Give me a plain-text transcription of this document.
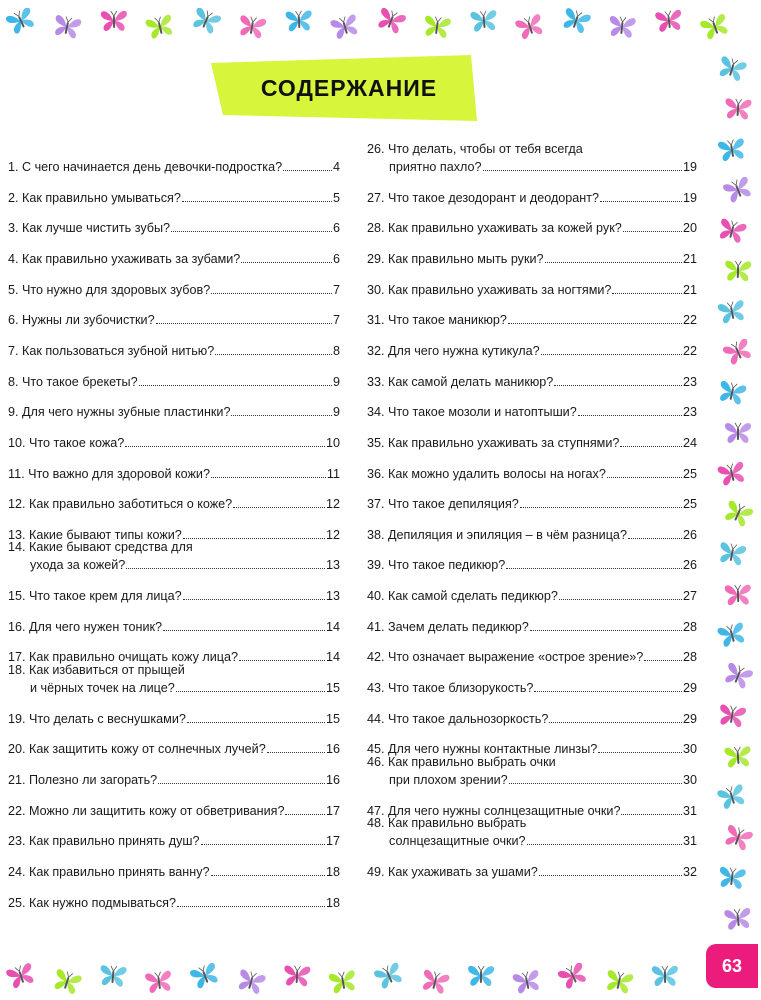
СОДЕРЖАНИЕ
1. С чего начинается день девочки-подростка?	4
2. Как правильно умываться?	5
3. Как лучше чистить зубы?	6
4. Как правильно ухаживать за зубами?	6
5. Что нужно для здоровых зубов?	7
6. Нужны ли зубочистки?	7
7. Как пользоваться зубной нитью?	8
8. Что такое брекеты?	9
9. Для чего нужны зубные пластинки?	9
10. Что такое кожа?	10
11. Что важно для здоровой кожи?	11
12. Как правильно заботиться о коже?	12
13. Какие бывают типы кожи?	12
14. Какие бывают средства для
ухода за кожей?	13
15. Что такое крем для лица?	13
16. Для чего нужен тоник?	14
17. Как правильно очищать кожу лица?	14
18. Как избавиться от прыщей
и чёрных точек на лице?	15
19. Что делать с веснушками?	15
20. Как защитить кожу от солнечных лучей?	16
21. Полезно ли загорать?	16
22. Можно ли защитить кожу от обветривания?	17
23. Как правильно принять душ?	17
24. Как правильно принять ванну?	18
25. Как нужно подмываться?	18
26. Что делать, чтобы от тебя всегда
приятно пахло?	19
27. Что такое дезодорант и деодорант?	19
28. Как правильно ухаживать за кожей рук?	20
29. Как правильно мыть руки?	21
30. Как правильно ухаживать за ногтями?	21
31. Что такое маникюр?	22
32. Для чего нужна кутикула?	22
33. Как самой делать маникюр?	23
34. Что такое мозоли и натоптыши?	23
35. Как правильно ухаживать за ступнями?	24
36. Как можно удалить волосы на ногах?	25
37. Что такое депиляция?	25
38. Депиляция и эпиляция – в чём разница?	26
39. Что такое педикюр?	26
40. Как самой сделать педикюр?	27
41. Зачем делать педикюр?	28
42. Что означает выражение «острое зрение»?	28
43. Что такое близорукость?	29
44. Что такое дальнозоркость?	29
45. Для чего нужны контактные линзы?	30
46. Как правильно выбрать очки
при плохом зрении?	30
47. Для чего нужны солнцезащитные очки?	31
48. Как правильно выбрать
солнцезащитные очки?	31
49. Как ухаживать за ушами?	32
63
